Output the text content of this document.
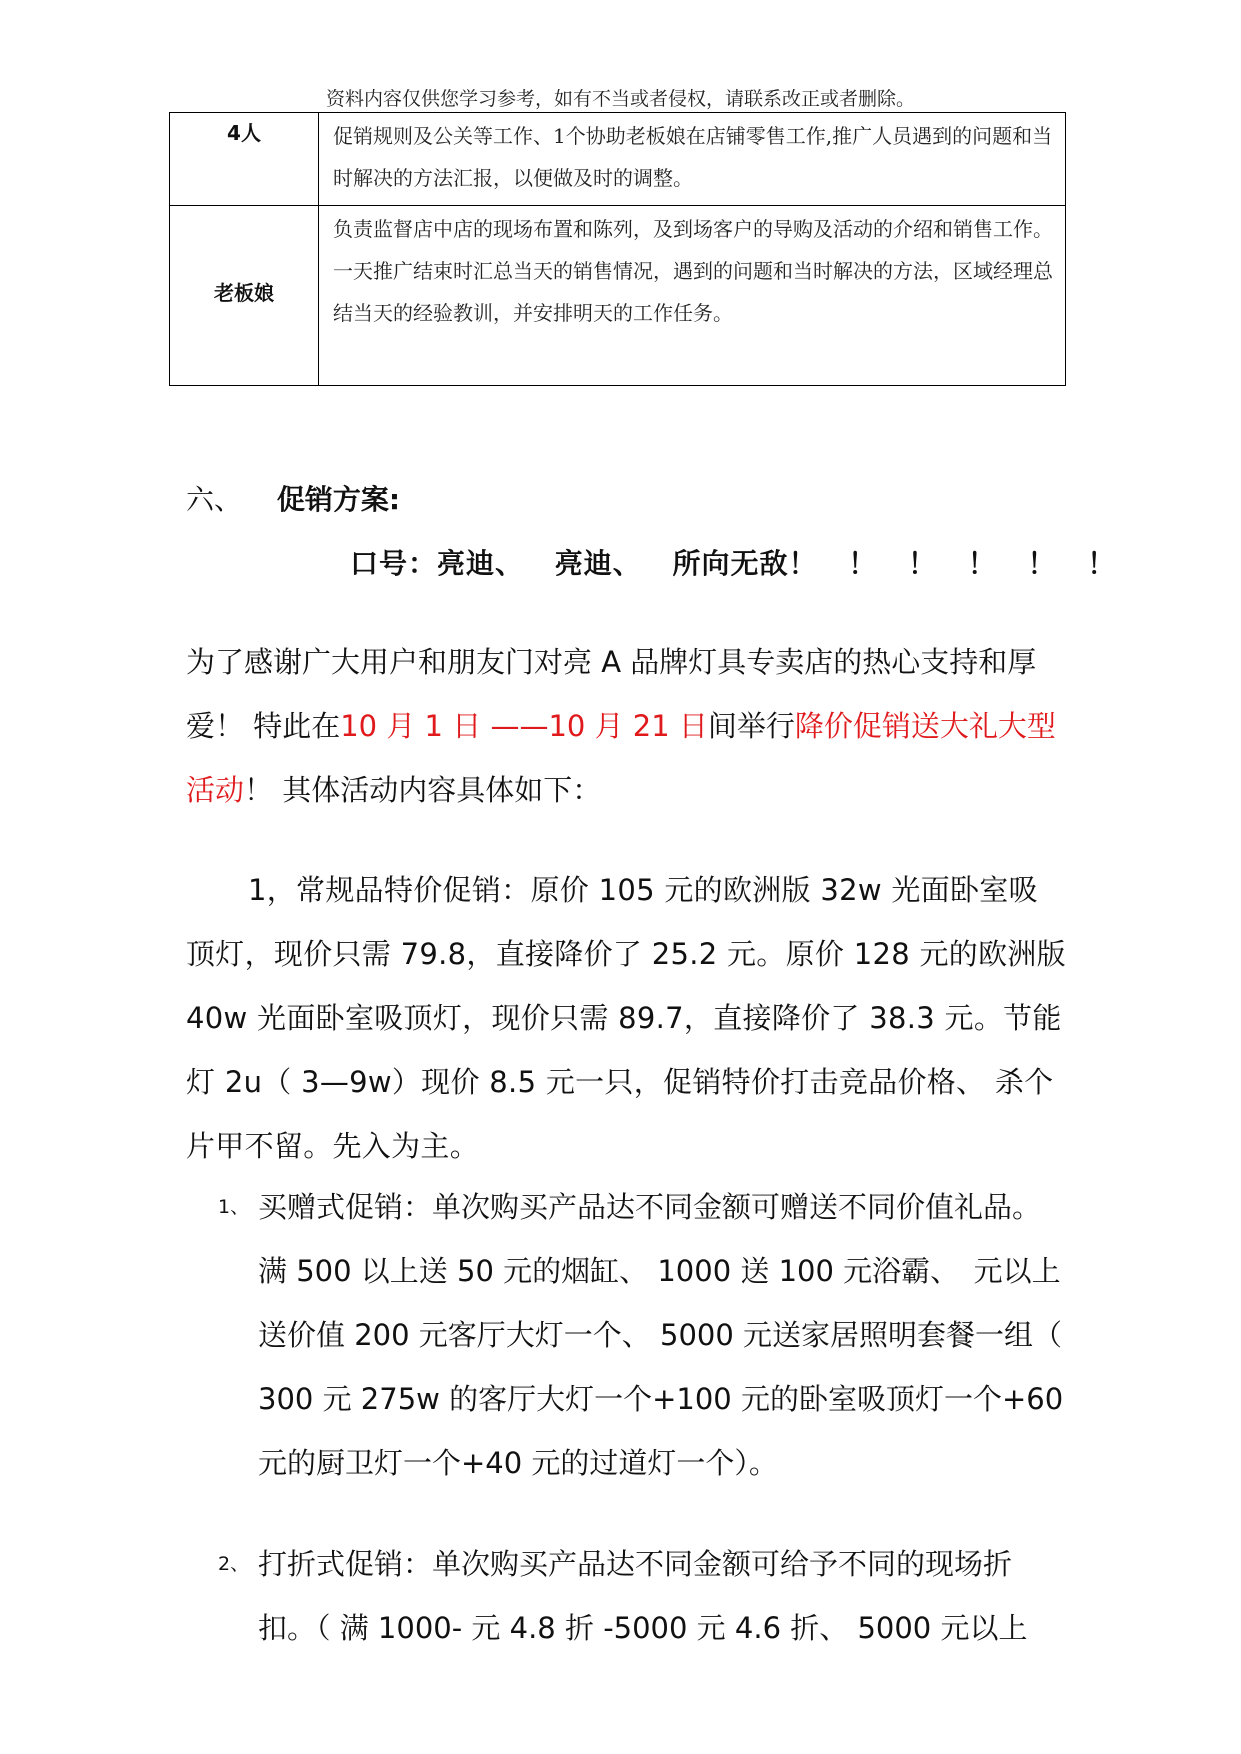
资料内容仅供您学习参考，如有不当或者侵权，请联系改正或者删除。
4人	促销规则及公关等工作、1个协助老板娘在店铺零售工作,推广人员遇到的问题和当时解决的方法汇报，以便做及时的调整。
老板娘	负责监督店中店的现场布置和陈列，及到场客户的导购及活动的介绍和销售工作。一天推广结束时汇总当天的销售情况，遇到的问题和当时解决的方法，区域经理总结当天的经验教训，并安排明天的工作任务。
六、 促销方案:
口号：亮迪、 亮迪、 所向无敌！ ！ ！ ！ ！ ！
为了感谢广大用户和朋友门对亮 A 品牌灯具专卖店的热心支持和厚爱！ 特此在10 月 1 日 ——10 月 21 日间举行降价促销送大礼大型活动！ 其体活动内容具体如下：
1，常规品特价促销：原价 105 元的欧洲版 32w 光面卧室吸顶灯，现价只需 79.8，直接降价了 25.2 元。原价 128 元的欧洲版 40w 光面卧室吸顶灯，现价只需 89.7，直接降价了 38.3 元。节能灯 2u（ 3—9w）现价 8.5 元一只，促销特价打击竞品价格、 杀个片甲不留。先入为主。
1、 买赠式促销：单次购买产品达不同金额可赠送不同价值礼品。满 500 以上送 50 元的烟缸、 1000 送 100 元浴霸、　元以上送价值 200 元客厅大灯一个、 5000 元送家居照明套餐一组（ 300 元 275w 的客厅大灯一个+100 元的卧室吸顶灯一个+60 元的厨卫灯一个+40 元的过道灯一个）。
2、 打折式促销：单次购买产品达不同金额可给予不同的现场折扣。（ 满 1000- 元 4.8 折 -5000 元 4.6 折、 5000 元以上
